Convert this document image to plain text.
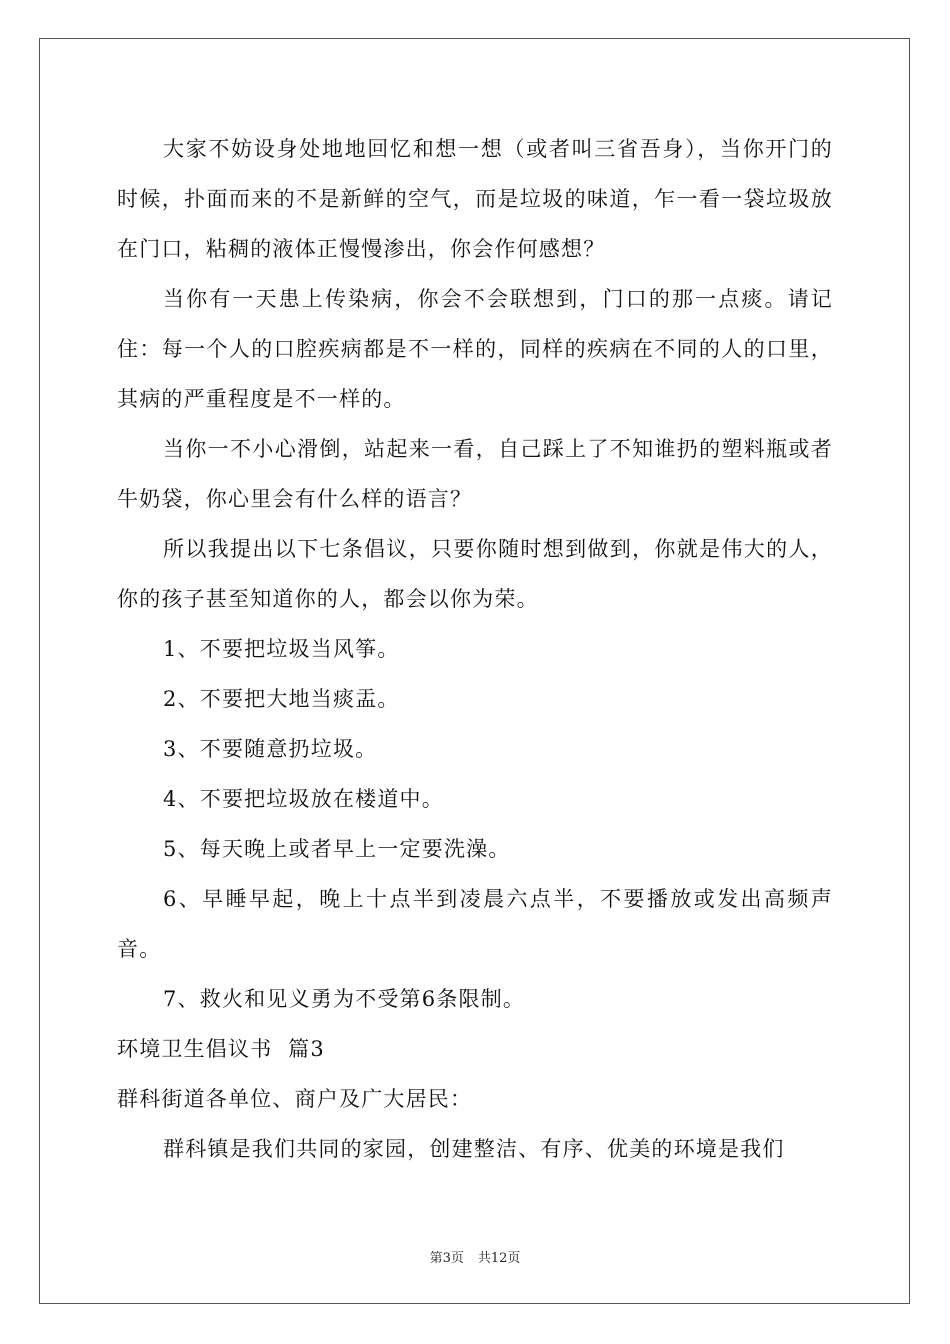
大家不妨设身处地地回忆和想一想（或者叫三省吾身），当你开门的时候，扑面而来的不是新鲜的空气，而是垃圾的味道，乍一看一袋垃圾放在门口，粘稠的液体正慢慢渗出，你会作何感想？

当你有一天患上传染病，你会不会联想到，门口的那一点痰。请记住：每一个人的口腔疾病都是不一样的，同样的疾病在不同的人的口里，其病的严重程度是不一样的。

当你一不小心滑倒，站起来一看，自己踩上了不知谁扔的塑料瓶或者牛奶袋，你心里会有什么样的语言？

所以我提出以下七条倡议，只要你随时想到做到，你就是伟大的人，你的孩子甚至知道你的人，都会以你为荣。

1、不要把垃圾当风筝。

2、不要把大地当痰盂。

3、不要随意扔垃圾。

4、不要把垃圾放在楼道中。

5、每天晚上或者早上一定要洗澡。

6、早睡早起，晚上十点半到凌晨六点半，不要播放或发出高频声音。

7、救火和见义勇为不受第6条限制。

环境卫生倡议书  篇3

群科街道各单位、商户及广大居民：

群科镇是我们共同的家园，创建整洁、有序、优美的环境是我们

第3页 共12页
